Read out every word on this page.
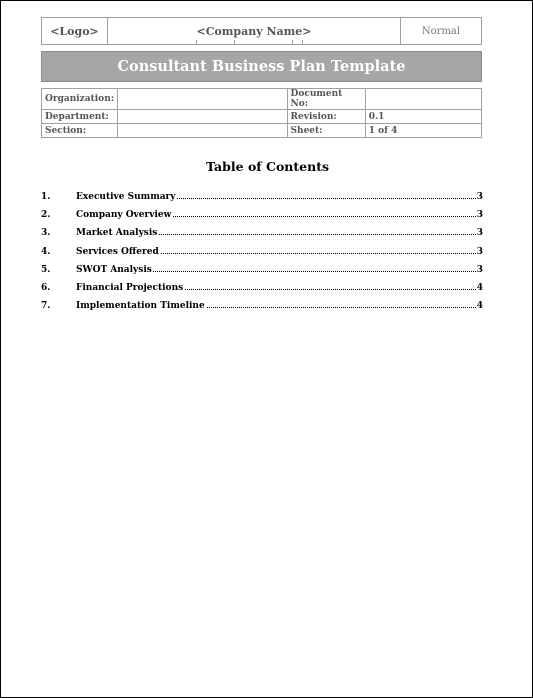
<Logo>	<Company Name>	Normal
Consultant Business Plan Template
Organization:		Document No:	
Department:		Revision:	0.1
Section:		Sheet:	1 of 4
Table of Contents
1.	Executive Summary	3
2.	Company Overview	3
3.	Market Analysis	3
4.	Services Offered	3
5.	SWOT Analysis	3
6.	Financial Projections	4
7.	Implementation Timeline	4
